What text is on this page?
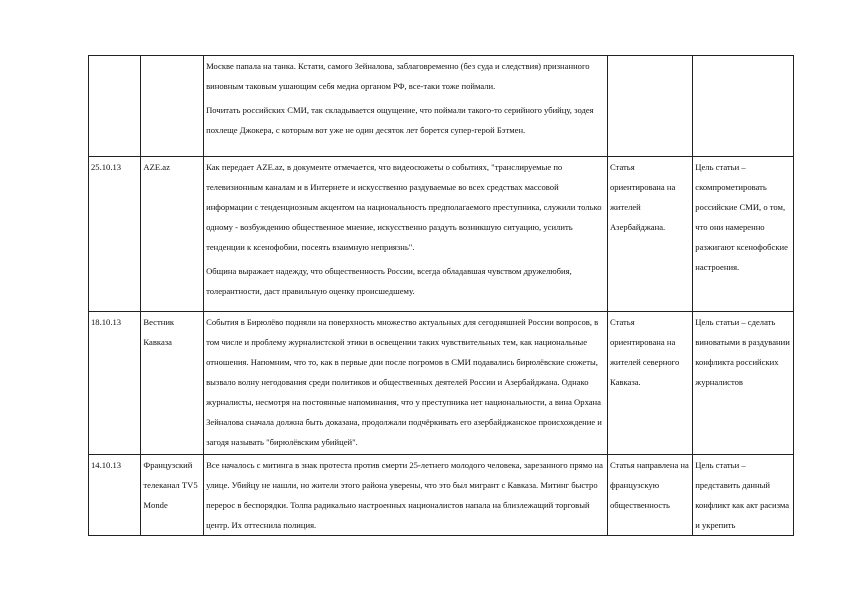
		Москве папала на танка. Кстати, самого Зейналова, заблаговременно (без суда и следствия) признанного виновным таковым ушающим себя медиа органом РФ, все-таки тоже поймали.

Почитать российских СМИ, так складывается ощущение, что поймали такого-то серийного убийцу, зодея похлеще Джокера, с которым вот уже не один десяток лет борется супер-герой Бэтмен.		

25.10.13	AZE.az	Как передает AZE.az, в документе отмечается, что видеосюжеты о событиях, "транслируемые по телевизионным каналам и в Интернете и искусственно раздуваемые во всех средствах массовой информации с тенденциозным акцентом на национальность предполагаемого преступника, служили только одному - возбуждению общественное мнение, искусственно раздуть возникшую ситуацию, усилить тенденции к ксенофобии, посеять взаимную неприязнь".

Община выражает надежду, что общественность России, всегда обладавшая чувством дружелюбия, толерантности, даст правильную оценку происшедшему.	Статья ориентирована на жителей Азербайджана.	Цель статьи – скомпрометировать российские СМИ, о том, что они намеренно разжигают ксенофобские настроения.
18.10.13	Вестник Кавказа	События в Бирюлёво подняли на поверхность множество актуальных для сегодняшней России вопросов, в том числе и проблему журналистской этики в освещении таких чувствительных тем, как национальные отношения. Напомним, что то, как в первые дни после погромов в СМИ подавались бирюлёвские сюжеты, вызвало волну негодования среди политиков и общественных деятелей России и Азербайджана. Однако журналисты, несмотря на постоянные напоминания, что у преступника нет национальности, а вина Орхана Зейналова сначала должна быть доказана, продолжали подчёркивать его азербайджанское происхождение и загодя называть "бирюлёвским убийцей".	Статья ориентирована на жителей северного Кавказа.	Цель статьи – сделать виноватыми в раздувании конфликта российских журналистов
14.10.13	Французский телеканал TV5 Monde	Все началось с митинга в знак протеста против смерти 25-летнего молодого человека, зарезанного прямо на улице. Убийцу не нашли, но жители этого района уверены, что это был мигрант с Кавказа. Митинг быстро перерос в беспорядки. Толпа радикально настроенных националистов напала на близлежащий торговый центр. Их оттеснила полиция.	Статья направлена на французскую общественность	Цель статьи – представить данный конфликт как акт расизма и укрепить
